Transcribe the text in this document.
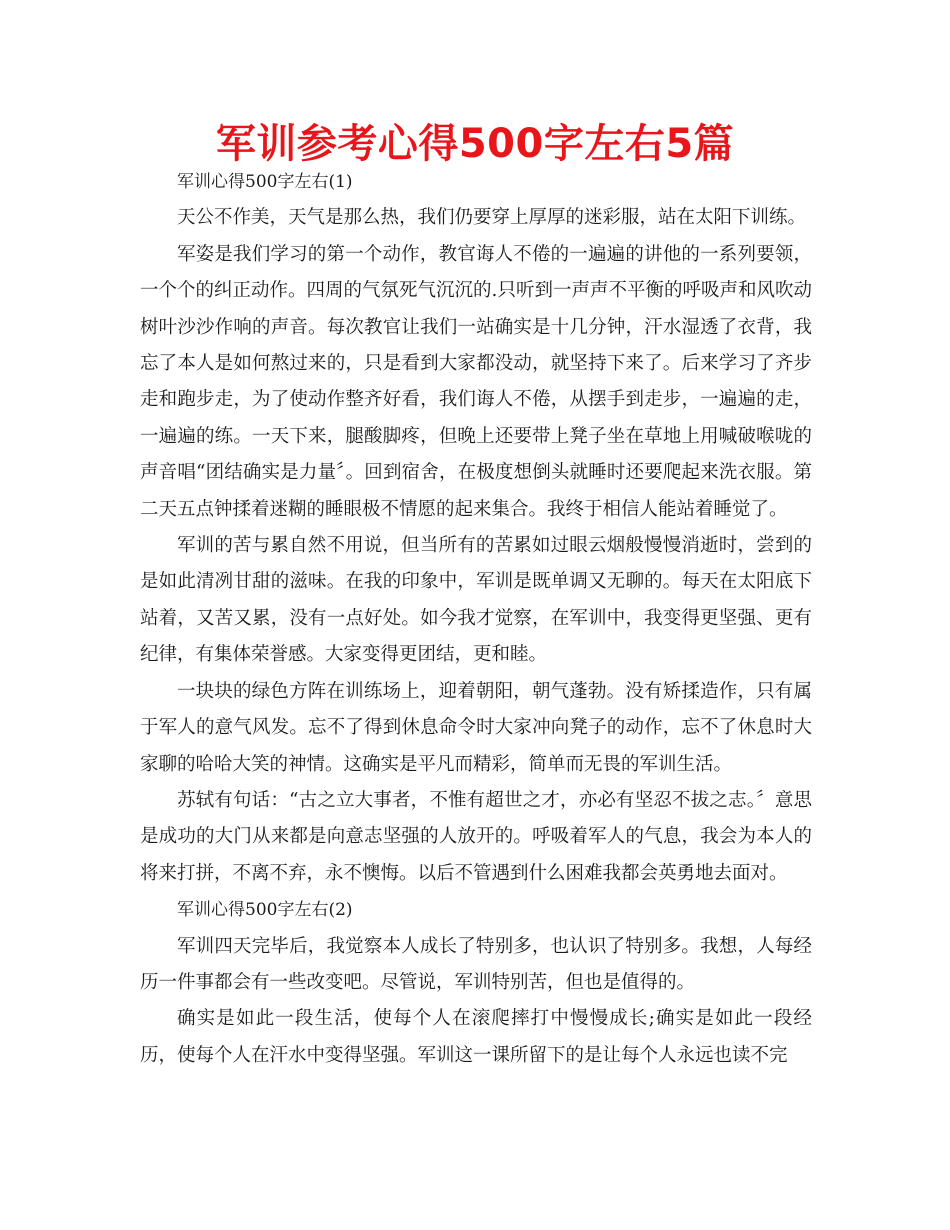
军训参考心得500字左右5篇

军训心得500字左右(1)

天公不作美，天气是那么热，我们仍要穿上厚厚的迷彩服，站在太阳下训练。

军姿是我们学习的第一个动作，教官诲人不倦的一遍遍的讲他的一系列要领，一个个的纠正动作。四周的气氛死气沉沉的.只听到一声声不平衡的呼吸声和风吹动树叶沙沙作响的声音。每次教官让我们一站确实是十几分钟，汗水湿透了衣背，我忘了本人是如何熬过来的，只是看到大家都没动，就坚持下来了。后来学习了齐步走和跑步走，为了使动作整齐好看，我们诲人不倦，从摆手到走步，一遍遍的走，一遍遍的练。一天下来，腿酸脚疼，但晚上还要带上凳子坐在草地上用喊破喉咙的声音唱“团结确实是力量〞。回到宿舍，在极度想倒头就睡时还要爬起来洗衣服。第二天五点钟揉着迷糊的睡眼极不情愿的起来集合。我终于相信人能站着睡觉了。

军训的苦与累自然不用说，但当所有的苦累如过眼云烟般慢慢消逝时，尝到的是如此清冽甘甜的滋味。在我的印象中，军训是既单调又无聊的。每天在太阳底下站着，又苦又累，没有一点好处。如今我才觉察，在军训中，我变得更坚强、更有纪律，有集体荣誉感。大家变得更团结，更和睦。

一块块的绿色方阵在训练场上，迎着朝阳，朝气蓬勃。没有矫揉造作，只有属于军人的意气风发。忘不了得到休息命令时大家冲向凳子的动作，忘不了休息时大家聊的哈哈大笑的神情。这确实是平凡而精彩，简单而无畏的军训生活。

苏轼有句话：“古之立大事者，不惟有超世之才，亦必有坚忍不拔之志。〞意思是成功的大门从来都是向意志坚强的人放开的。呼吸着军人的气息，我会为本人的将来打拼，不离不弃，永不懊悔。以后不管遇到什么困难我都会英勇地去面对。

军训心得500字左右(2)

军训四天完毕后，我觉察本人成长了特别多，也认识了特别多。我想，人每经历一件事都会有一些改变吧。尽管说，军训特别苦，但也是值得的。

确实是如此一段生活，使每个人在滚爬摔打中慢慢成长;确实是如此一段经历，使每个人在汗水中变得坚强。军训这一课所留下的是让每个人永远也读不完
